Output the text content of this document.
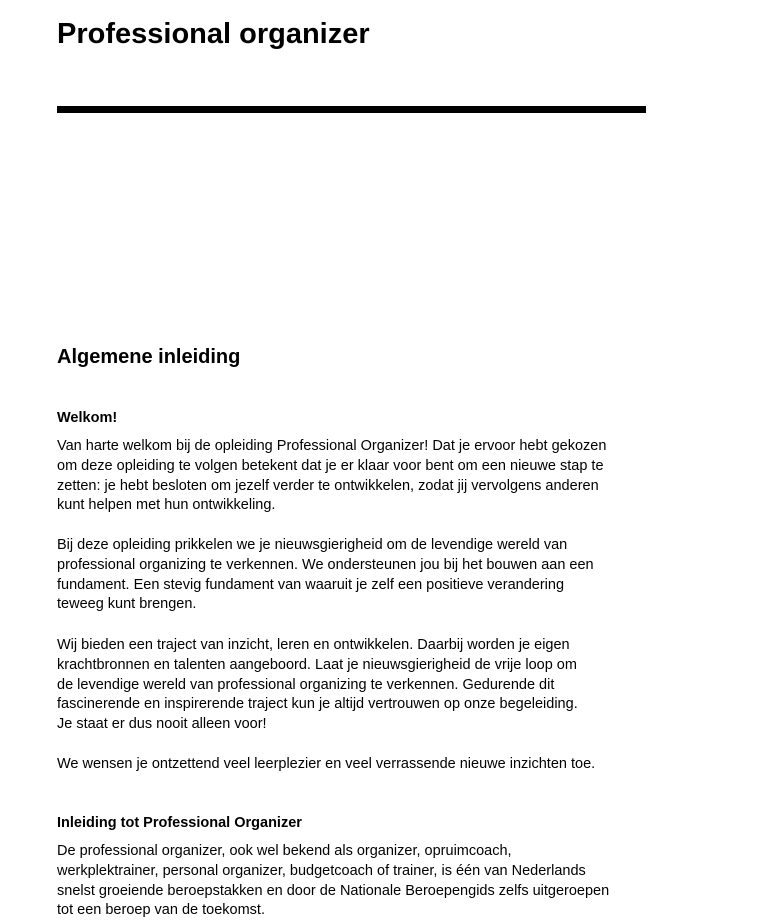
Professional organizer
Algemene inleiding
Welkom!

Van harte welkom bij de opleiding Professional Organizer! Dat je ervoor hebt gekozen
om deze opleiding te volgen betekent dat je er klaar voor bent om een nieuwe stap te
zetten: je hebt besloten om jezelf verder te ontwikkelen, zodat jij vervolgens anderen
kunt helpen met hun ontwikkeling.

Bij deze opleiding prikkelen we je nieuwsgierigheid om de levendige wereld van
professional organizing te verkennen. We ondersteunen jou bij het bouwen aan een
fundament. Een stevig fundament van waaruit je zelf een positieve verandering
teweeg kunt brengen.

Wij bieden een traject van inzicht, leren en ontwikkelen. Daarbij worden je eigen
krachtbronnen en talenten aangeboord. Laat je nieuwsgierigheid de vrije loop om
de levendige wereld van professional organizing te verkennen. Gedurende dit
fascinerende en inspirerende traject kun je altijd vertrouwen op onze begeleiding.
Je staat er dus nooit alleen voor!

We wensen je ontzettend veel leerplezier en veel verrassende nieuwe inzichten toe.

Inleiding tot Professional Organizer

De professional organizer, ook wel bekend als organizer, opruimcoach,
werkplektrainer, personal organizer, budgetcoach of trainer, is één van Nederlands
snelst groeiende beroepstakken en door de Nationale Beroepengids zelfs uitgeroepen
tot een beroep van de toekomst.
